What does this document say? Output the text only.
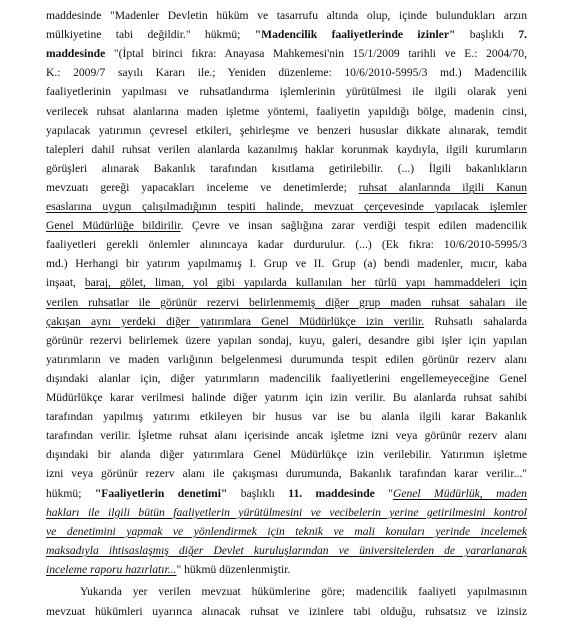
maddesinde "Madenler Devletin hüküm ve tasarrufu altında olup, içinde bulundukları arzın
mülkiyetine tabi değildir." hükmü; "Madencilik faaliyetlerinde izinler" başlıklı 7.
maddesinde "(İptal birinci fıkra: Anayasa Mahkemesi'nin 15/1/2009 tarihli ve E.: 2004/70,
K.: 2009/7 sayılı Kararı ile.; Yeniden düzenleme: 10/6/2010-5995/3 md.) Madencilik
faaliyetlerinin yapılması ve ruhsatlandırma işlemlerinin yürütülmesi ile ilgili olarak yeni
verilecek ruhsat alanlarına maden işletme yöntemi, faaliyetin yapıldığı bölge, madenin cinsi,
yapılacak yatırımın çevresel etkileri, şehirleşme ve benzeri hususlar dikkate alınarak, temdit
talepleri dahil ruhsat verilen alanlarda kazanılmış haklar korunmak kaydıyla, ilgili kurumların
görüşleri alınarak Bakanlık tarafından kısıtlama getirilebilir. (...) İlgili bakanlıkların
mevzuatı gereği yapacakları inceleme ve denetimlerde; ruhsat alanlarında ilgili Kanun
esaslarına uygun çalışılmadığının tespiti halinde, mevzuat çerçevesinde yapılacak işlemler
Genel Müdürlüğe bildirilir. Çevre ve insan sağlığına zarar verdiği tespit edilen madencilik
faaliyetleri gerekli önlemler alınıncaya kadar durdurulur. (...) (Ek fıkra: 10/6/2010-5995/3
md.) Herhangi bir yatırım yapılmamış I. Grup ve II. Grup (a) bendi madenler, mıcır, kaba
inşaat, baraj, gölet, liman, yol gibi yapılarda kullanılan her türlü yapı hammaddeleri için
verilen ruhsatlar ile görünür rezervi belirlenmemiş diğer grup maden ruhsat sahaları ile
çakışan aynı yerdeki diğer yatırımlara Genel Müdürlükçe izin verilir. Ruhsatlı sahalarda
görünür rezervi belirlemek üzere yapılan sondaj, kuyu, galeri, desandre gibi işler için yapılan
yatırımların ve maden varlığının belgelenmesi durumunda tespit edilen görünür rezerv alanı
dışındaki alanlar için, diğer yatırımların madencilik faaliyetlerini engellemeyeceğine Genel
Müdürlükçe karar verilmesi halinde diğer yatırım için izin verilir. Bu alanlarda ruhsat sahibi
tarafından yapılmış yatırımı etkileyen bir husus var ise bu alanla ilgili karar Bakanlık
tarafından verilir. İşletme ruhsat alanı içerisinde ancak işletme izni veya görünür rezerv alanı
dışındaki bir alanda diğer yatırımlara Genel Müdürlükçe izin verilebilir. Yatırımın işletme
izni veya görünür rezerv alanı ile çakışması durumunda, Bakanlık tarafından karar verilir..."
hükmü; "Faaliyetlerin denetimi" başlıklı 11. maddesinde "Genel Müdürlük, maden
hakları ile ilgili bütün faaliyetlerin yürütülmesini ve vecibelerin yerine getirilmesini kontrol
ve denetimini yapmak ve yönlendirmek için teknik ve mali konuları yerinde incelemek
maksadıyla ihtisaslaşmış diğer Devlet kuruluşlarından ve üniversitelerden de yararlanarak
inceleme raporu hazırlatır..." hükmü düzenlenmiştir.
Yukarıda yer verilen mevzuat hükümlerine göre; madencilik faaliyeti yapılmasının
mevzuat hükümleri uyarınca alınacak ruhsat ve izinlere tabi olduğu, ruhsatsız ve izinsiz
